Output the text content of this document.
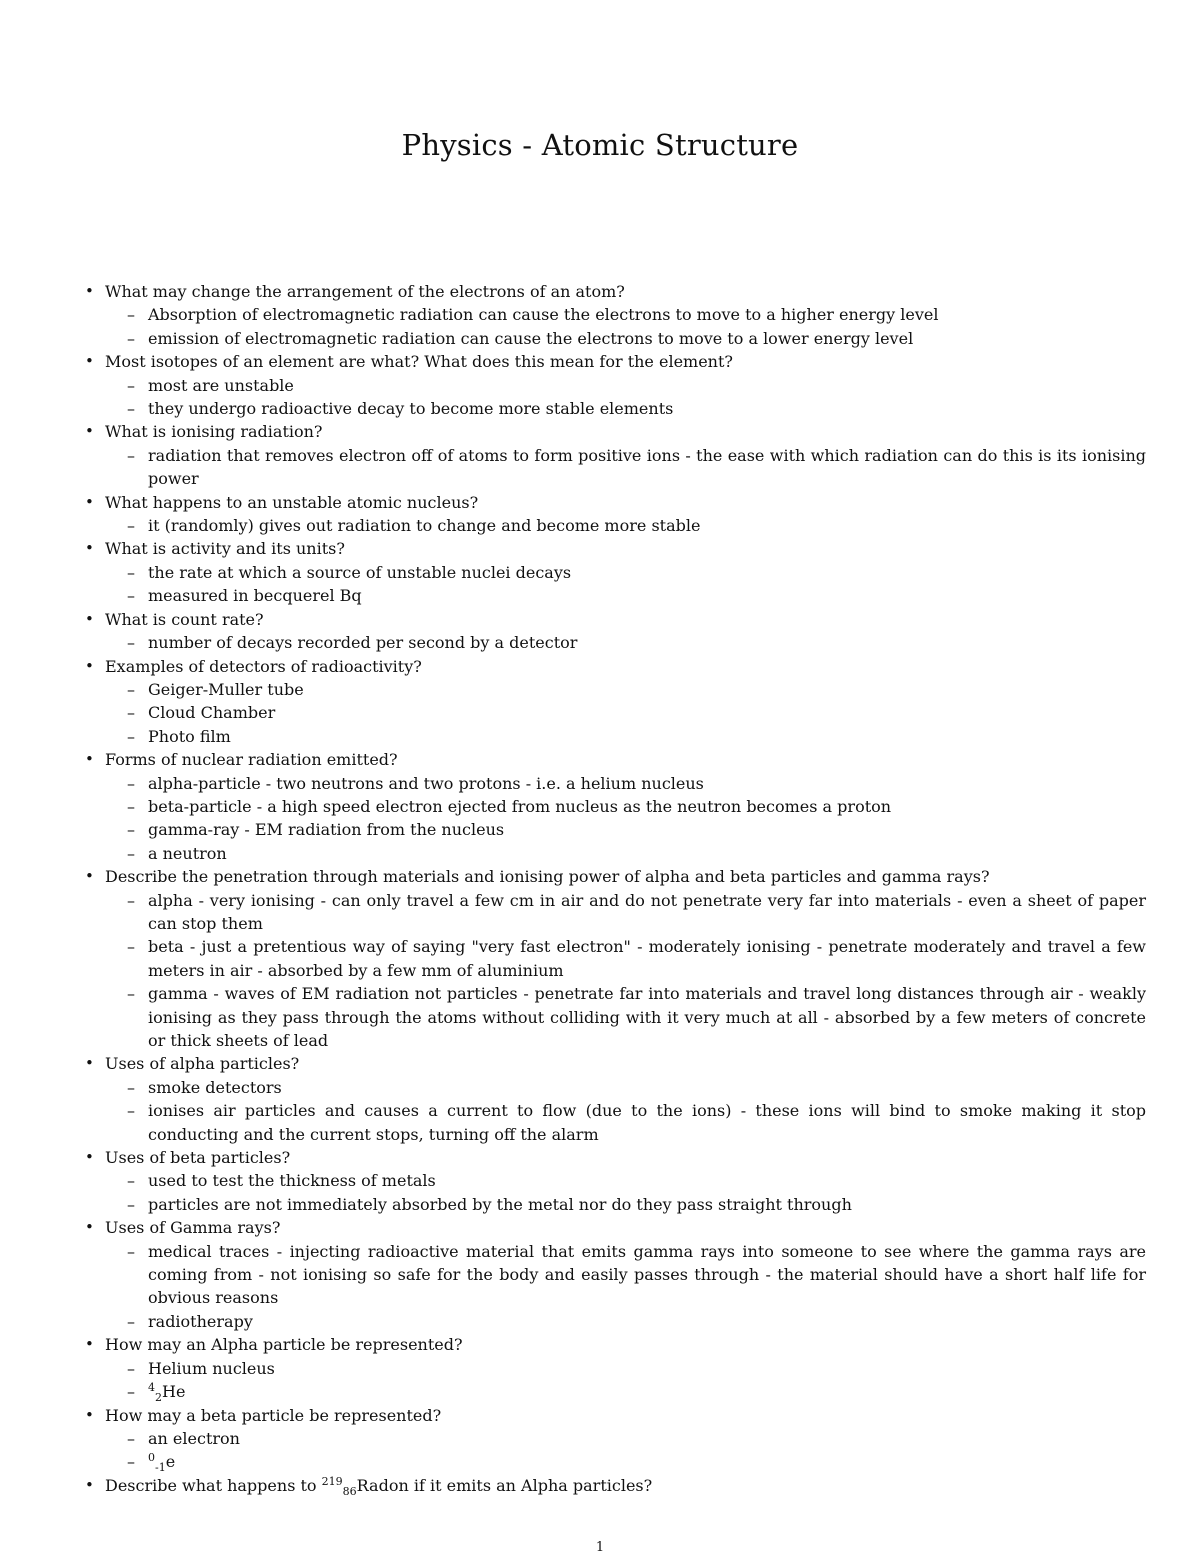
Physics - Atomic Structure
• What may change the arrangement of the electrons of an atom?
– Absorption of electromagnetic radiation can cause the electrons to move to a higher energy level
– emission of electromagnetic radiation can cause the electrons to move to a lower energy level
• Most isotopes of an element are what? What does this mean for the element?
– most are unstable
– they undergo radioactive decay to become more stable elements
• What is ionising radiation?
– radiation that removes electron off of atoms to form positive ions - the ease with which radiation can do this is its ionising power
• What happens to an unstable atomic nucleus?
– it (randomly) gives out radiation to change and become more stable
• What is activity and its units?
– the rate at which a source of unstable nuclei decays
– measured in becquerel Bq
• What is count rate?
– number of decays recorded per second by a detector
• Examples of detectors of radioactivity?
– Geiger-Muller tube
– Cloud Chamber
– Photo film
• Forms of nuclear radiation emitted?
– alpha-particle - two neutrons and two protons - i.e. a helium nucleus
– beta-particle - a high speed electron ejected from nucleus as the neutron becomes a proton
– gamma-ray - EM radiation from the nucleus
– a neutron
• Describe the penetration through materials and ionising power of alpha and beta particles and gamma rays?
– alpha - very ionising - can only travel a few cm in air and do not penetrate very far into materials - even a sheet of paper can stop them
– beta - just a pretentious way of saying "very fast electron" - moderately ionising - penetrate moderately and travel a few meters in air - absorbed by a few mm of aluminium
– gamma - waves of EM radiation not particles - penetrate far into materials and travel long distances through air - weakly ionising as they pass through the atoms without colliding with it very much at all - absorbed by a few meters of concrete or thick sheets of lead
• Uses of alpha particles?
– smoke detectors
– ionises air particles and causes a current to flow (due to the ions) - these ions will bind to smoke making it stop conducting and the current stops, turning off the alarm
• Uses of beta particles?
– used to test the thickness of metals
– particles are not immediately absorbed by the metal nor do they pass straight through
• Uses of Gamma rays?
– medical traces - injecting radioactive material that emits gamma rays into someone to see where the gamma rays are coming from - not ionising so safe for the body and easily passes through - the material should have a short half life for obvious reasons
– radiotherapy
• How may an Alpha particle be represented?
– Helium nucleus
– $^4_2$He
• How may a beta particle be represented?
– an electron
– $^0_{-1}$e
• Describe what happens to $^{219}_{86}$Radon if it emits an Alpha particles?
1
